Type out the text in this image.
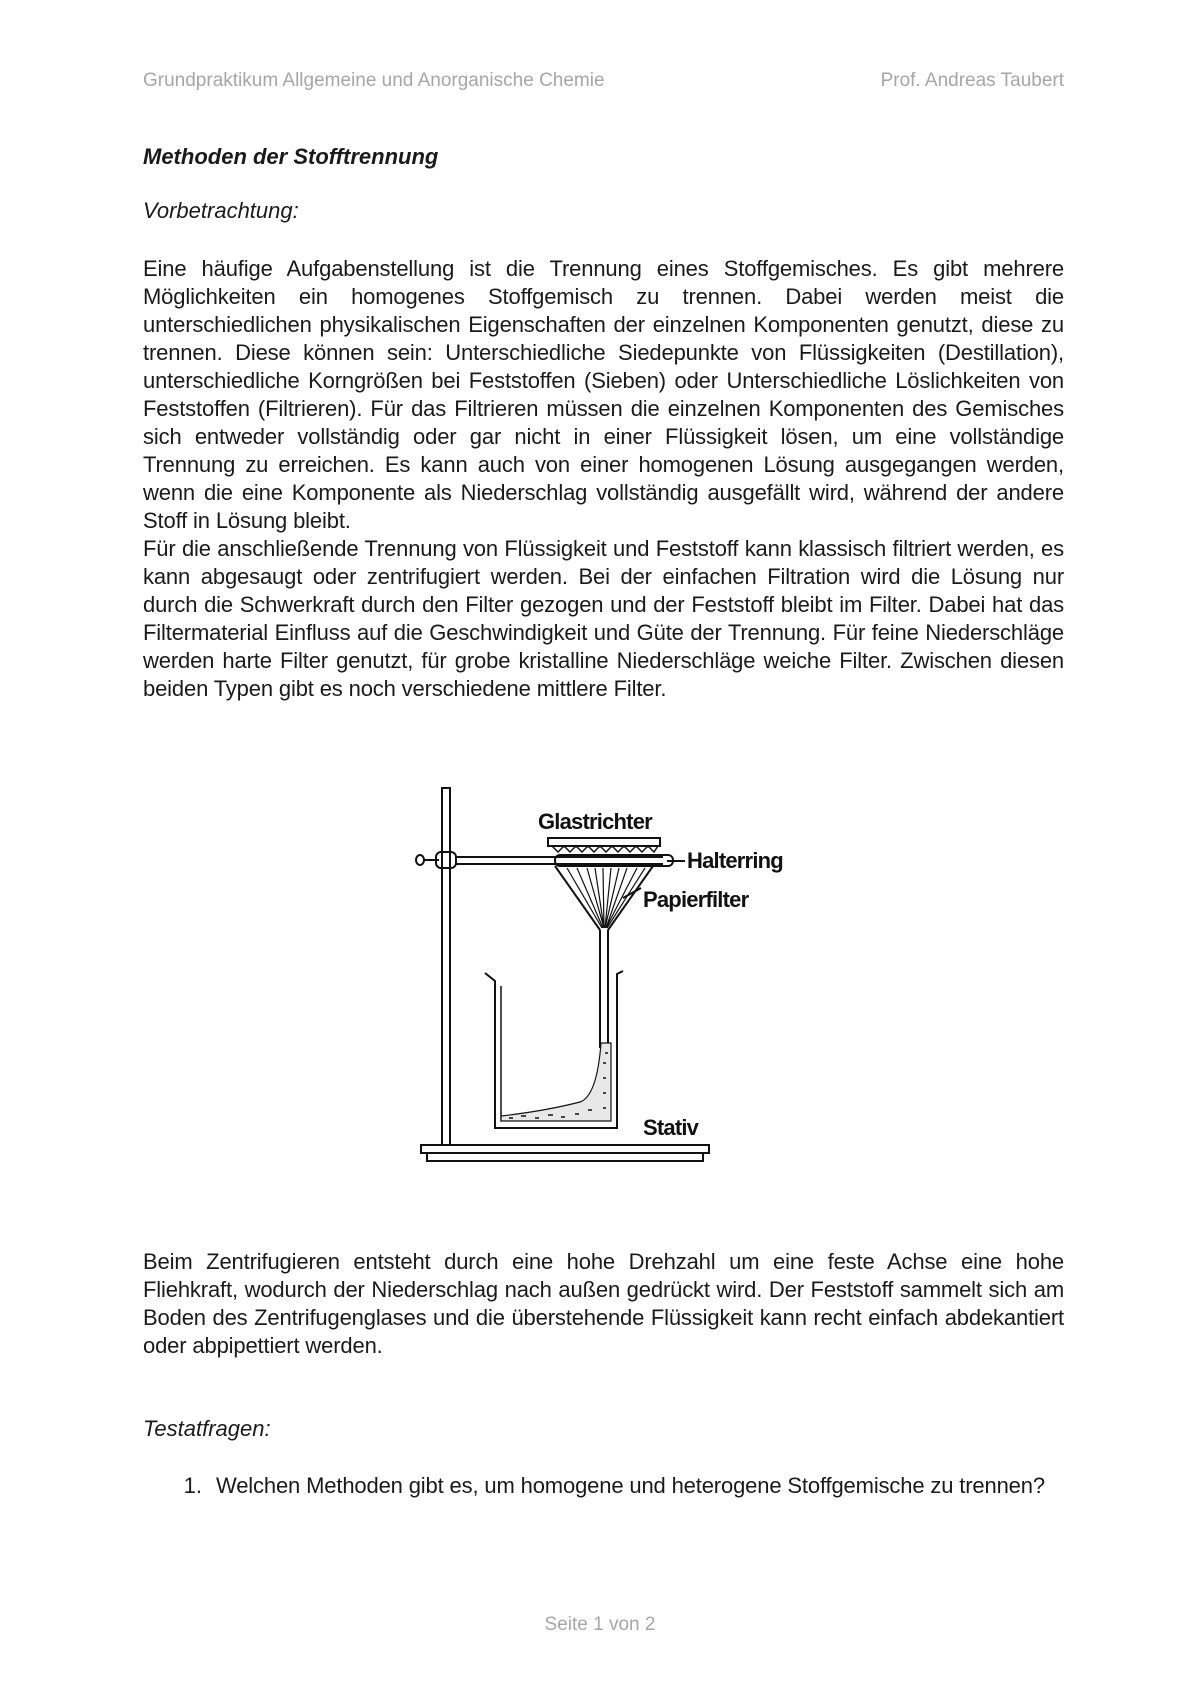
Grundpraktikum Allgemeine und Anorganische Chemie	Prof. Andreas Taubert
Methoden der Stofftrennung

Vorbetrachtung:

Eine häufige Aufgabenstellung ist die Trennung eines Stoffgemisches. Es gibt mehrere Möglichkeiten ein homogenes Stoffgemisch zu trennen. Dabei werden meist die unterschiedlichen physikalischen Eigenschaften der einzelnen Komponenten genutzt, diese zu trennen. Diese können sein: Unterschiedliche Siedepunkte von Flüssigkeiten (Destillation), unterschiedliche Korngrößen bei Feststoffen (Sieben) oder Unterschiedliche Löslichkeiten von Feststoffen (Filtrieren). Für das Filtrieren müssen die einzelnen Komponenten des Gemisches sich entweder vollständig oder gar nicht in einer Flüssigkeit lösen, um eine vollständige Trennung zu erreichen. Es kann auch von einer homogenen Lösung ausgegangen werden, wenn die eine Komponente als Niederschlag vollständig ausgefällt wird, während der andere Stoff in Lösung bleibt.

Für die anschließende Trennung von Flüssigkeit und Feststoff kann klassisch filtriert werden, es kann abgesaugt oder zentrifugiert werden. Bei der einfachen Filtration wird die Lösung nur durch die Schwerkraft durch den Filter gezogen und der Feststoff bleibt im Filter. Dabei hat das Filtermaterial Einfluss auf die Geschwindigkeit und Güte der Trennung. Für feine Niederschläge werden harte Filter genutzt, für grobe kristalline Niederschläge weiche Filter. Zwischen diesen beiden Typen gibt es noch verschiedene mittlere Filter.

Glastrichter
Halterring
Papierfilter
Stativ

Beim Zentrifugieren entsteht durch eine hohe Drehzahl um eine feste Achse eine hohe Fliehkraft, wodurch der Niederschlag nach außen gedrückt wird. Der Feststoff sammelt sich am Boden des Zentrifugenglases und die überstehende Flüssigkeit kann recht einfach abdekantiert oder abpipettiert werden.

Testatfragen:

1. Welchen Methoden gibt es, um homogene und heterogene Stoffgemische zu trennen?
Seite 1 von 2
